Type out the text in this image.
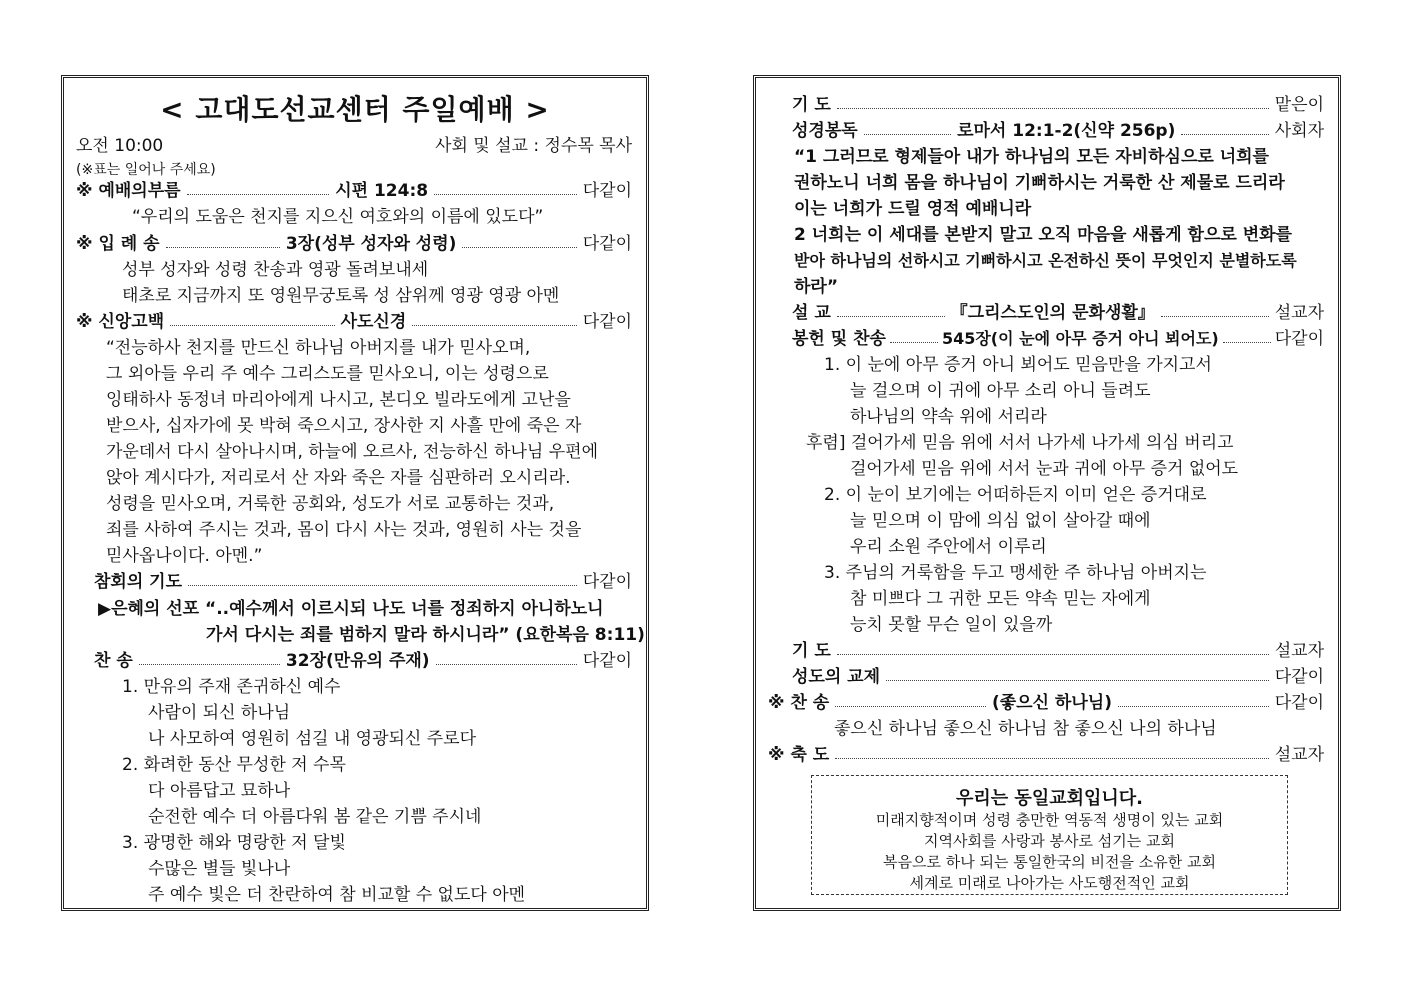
< 고대도선교센터 주일예배 >
오전 10:00	사회 및 설교 : 정수목 목사
(※표는 일어나 주세요)
※ 예배의부름	시편 124:8	다같이
“우리의 도움은 천지를 지으신 여호와의 이름에 있도다”
※ 입 례 송	3장(성부 성자와 성령)	다같이
성부 성자와 성령 찬송과 영광 돌려보내세
태초로 지금까지 또 영원무궁토록 성 삼위께 영광 영광 아멘
※ 신앙고백	사도신경	다같이
“전능하사 천지를 만드신 하나님 아버지를 내가 믿사오며,
그 외아들 우리 주 예수 그리스도를 믿사오니, 이는 성령으로
잉태하사 동정녀 마리아에게 나시고, 본디오 빌라도에게 고난을
받으사, 십자가에 못 박혀 죽으시고, 장사한 지 사흘 만에 죽은 자
가운데서 다시 살아나시며, 하늘에 오르사, 전능하신 하나님 우편에
앉아 계시다가, 저리로서 산 자와 죽은 자를 심판하러 오시리라.
성령을 믿사오며, 거룩한 공회와, 성도가 서로 교통하는 것과,
죄를 사하여 주시는 것과, 몸이 다시 사는 것과, 영원히 사는 것을
믿사옵나이다. 아멘.”
참회의 기도	다같이
▶은혜의 선포 “..예수께서 이르시되 나도 너를 정죄하지 아니하노니
가서 다시는 죄를 범하지 말라 하시니라” (요한복음 8:11)
찬 송	32장(만유의 주재)	다같이
1. 만유의 주재 존귀하신 예수
사람이 되신 하나님
나 사모하여 영원히 섬길 내 영광되신 주로다
2. 화려한 동산 무성한 저 수목
다 아름답고 묘하나
순전한 예수 더 아름다워 봄 같은 기쁨 주시네
3. 광명한 해와 명랑한 저 달빛
수많은 별들 빛나나
주 예수 빛은 더 찬란하여 참 비교할 수 없도다 아멘
기 도	맡은이
성경봉독	로마서 12:1-2(신약 256p)	사회자
“1 그러므로 형제들아 내가 하나님의 모든 자비하심으로 너희를
권하노니 너희 몸을 하나님이 기뻐하시는 거룩한 산 제물로 드리라
이는 너희가 드릴 영적 예배니라
2 너희는 이 세대를 본받지 말고 오직 마음을 새롭게 함으로 변화를
받아 하나님의 선하시고 기뻐하시고 온전하신 뜻이 무엇인지 분별하도록
하라”
설 교	『그리스도인의 문화생활』	설교자
봉헌 및 찬송	545장(이 눈에 아무 증거 아니 뵈어도)	다같이
1. 이 눈에 아무 증거 아니 뵈어도 믿음만을 가지고서
늘 걸으며 이 귀에 아무 소리 아니 들려도
하나님의 약속 위에 서리라
후렴] 걸어가세 믿음 위에 서서 나가세 나가세 의심 버리고
걸어가세 믿음 위에 서서 눈과 귀에 아무 증거 없어도
2. 이 눈이 보기에는 어떠하든지 이미 얻은 증거대로
늘 믿으며 이 맘에 의심 없이 살아갈 때에
우리 소원 주안에서 이루리
3. 주님의 거룩함을 두고 맹세한 주 하나님 아버지는
참 미쁘다 그 귀한 모든 약속 믿는 자에게
능치 못할 무슨 일이 있을까
기 도	설교자
성도의 교제	다같이
※ 찬 송	(좋으신 하나님)	다같이
좋으신 하나님 좋으신 하나님 참 좋으신 나의 하나님
※ 축 도	설교자
우리는 동일교회입니다.
미래지향적이며 성령 충만한 역동적 생명이 있는 교회
지역사회를 사랑과 봉사로 섬기는 교회
복음으로 하나 되는 통일한국의 비전을 소유한 교회
세계로 미래로 나아가는 사도행전적인 교회
